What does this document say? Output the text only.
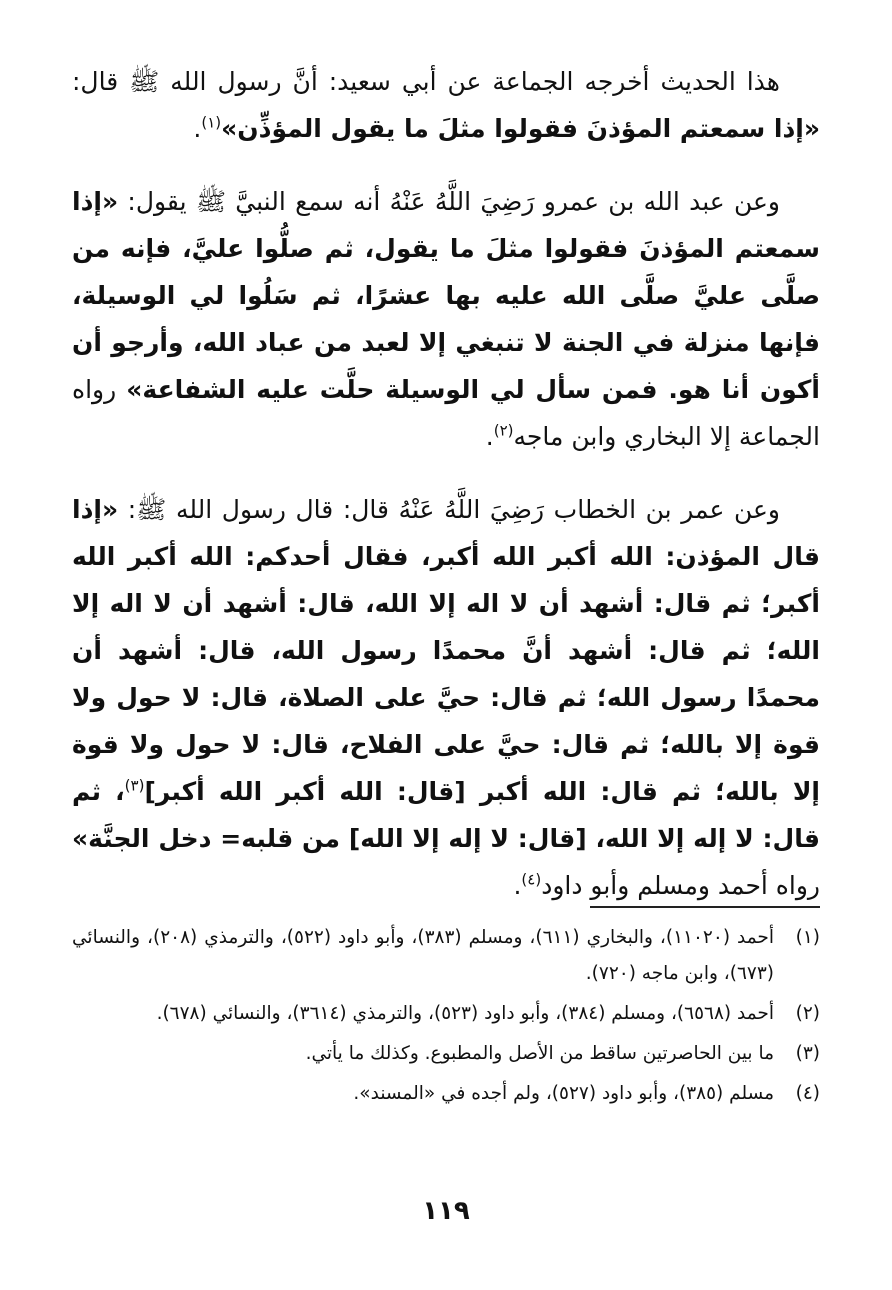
هذا الحديث أخرجه الجماعة عن أبي سعيد: أنَّ رسول الله ﷺ قال: «إذا سمعتم المؤذنَ فقولوا مثلَ ما يقول المؤذِّن»$^{(١)}$.

وعن عبد الله بن عمرو رَضِيَ اللَّهُ عَنْهُ أنه سمع النبيَّ ﷺ يقول: «إذا سمعتم المؤذنَ فقولوا مثلَ ما يقول، ثم صلُّوا عليَّ، فإنه من صلَّى عليَّ صلَّى الله عليه بها عشرًا، ثم سَلُوا لي الوسيلة، فإنها منزلة في الجنة لا تنبغي إلا لعبد من عباد الله، وأرجو أن أكون أنا هو. فمن سأل لي الوسيلة حلَّت عليه الشفاعة» رواه الجماعة إلا البخاري وابن ماجه$^{(٢)}$.

وعن عمر بن الخطاب رَضِيَ اللَّهُ عَنْهُ قال: قال رسول الله ﷺ: «إذا قال المؤذن: الله أكبر الله أكبر، فقال أحدكم: الله أكبر الله أكبر؛ ثم قال: أشهد أن لا اله إلا الله، قال: أشهد أن لا اله إلا الله؛ ثم قال: أشهد أنَّ محمدًا رسول الله، قال: أشهد أن محمدًا رسول الله؛ ثم قال: حيَّ على الصلاة، قال: لا حول ولا قوة إلا بالله؛ ثم قال: حيَّ على الفلاح، قال: لا حول ولا قوة إلا بالله؛ ثم قال: الله أكبر [قال: الله أكبر الله أكبر]$^{(٣)}$، ثم قال: لا إله إلا الله، [قال: لا إله إلا الله] من قلبه= دخل الجنَّة» رواه أحمد ومسلم وأبو داود$^{(٤)}$.

(١)أحمد (١١٠٢٠)، والبخاري (٦١١)، ومسلم (٣٨٣)، وأبو داود (٥٢٢)، والترمذي (٢٠٨)، والنسائي (٦٧٣)، وابن ماجه (٧٢٠).

(٢)أحمد (٦٥٦٨)، ومسلم (٣٨٤)، وأبو داود (٥٢٣)، والترمذي (٣٦١٤)، والنسائي (٦٧٨).

(٣)ما بين الحاصرتين ساقط من الأصل والمطبوع. وكذلك ما يأتي.

(٤)مسلم (٣٨٥)، وأبو داود (٥٢٧)، ولم أجده في «المسند».

١١٩
